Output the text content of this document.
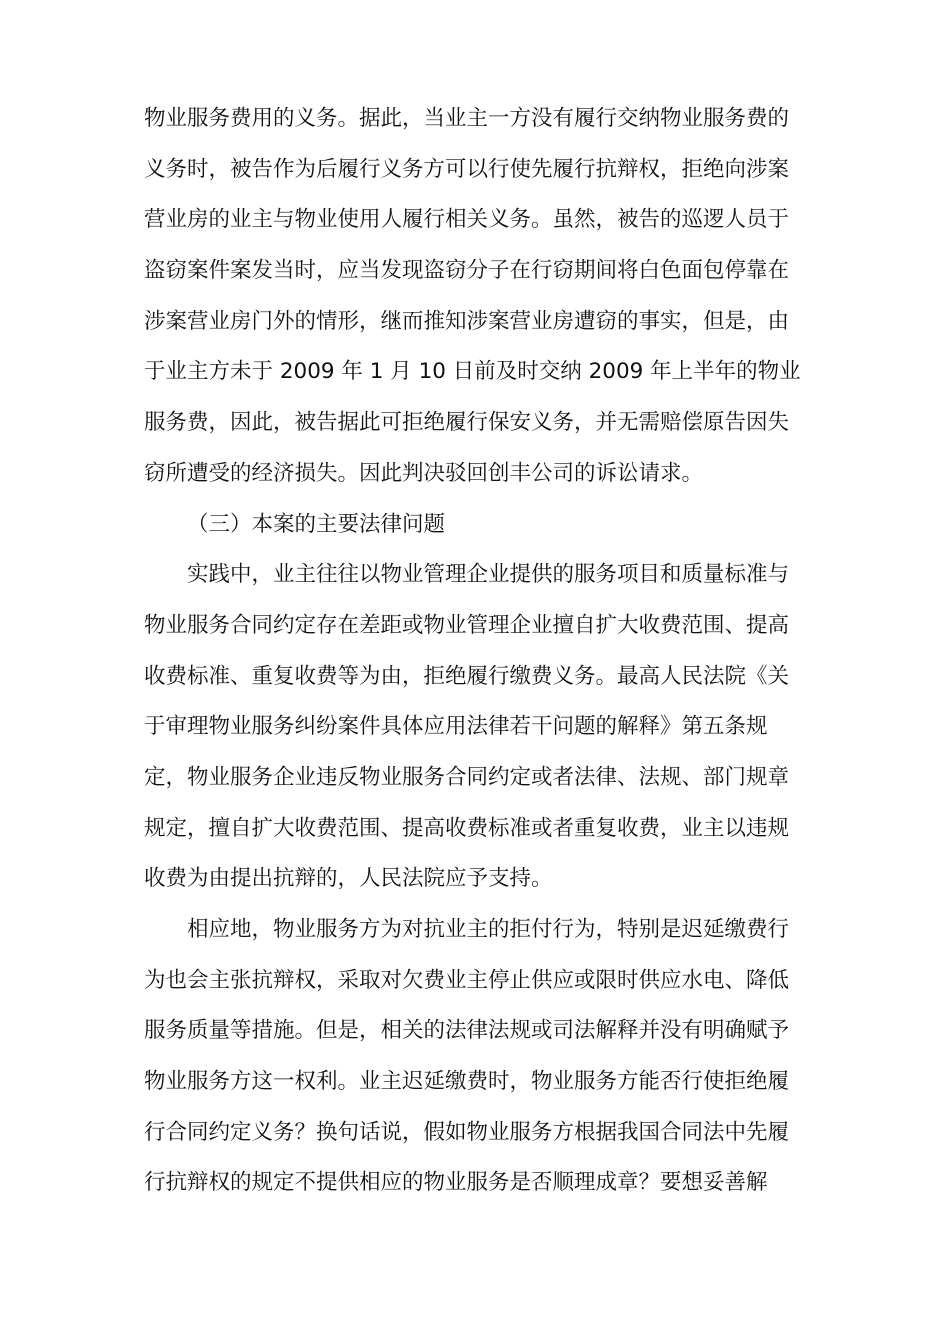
物业服务费用的义务。据此，当业主一方没有履行交纳物业服务费的
义务时，被告作为后履行义务方可以行使先履行抗辩权，拒绝向涉案
营业房的业主与物业使用人履行相关义务。虽然，被告的巡逻人员于
盗窃案件案发当时，应当发现盗窃分子在行窃期间将白色面包停靠在
涉案营业房门外的情形，继而推知涉案营业房遭窃的事实，但是，由
于业主方未于 2009 年 1 月 10 日前及时交纳 2009 年上半年的物业
服务费，因此，被告据此可拒绝履行保安义务，并无需赔偿原告因失
窃所遭受的经济损失。因此判决驳回创丰公司的诉讼请求。
（三）本案的主要法律问题
实践中，业主往往以物业管理企业提供的服务项目和质量标准与
物业服务合同约定存在差距或物业管理企业擅自扩大收费范围、提高
收费标准、重复收费等为由，拒绝履行缴费义务。最高人民法院《关
于审理物业服务纠纷案件具体应用法律若干问题的解释》第五条规
定，物业服务企业违反物业服务合同约定或者法律、法规、部门规章
规定，擅自扩大收费范围、提高收费标准或者重复收费，业主以违规
收费为由提出抗辩的，人民法院应予支持。
相应地，物业服务方为对抗业主的拒付行为，特别是迟延缴费行
为也会主张抗辩权，采取对欠费业主停止供应或限时供应水电、降低
服务质量等措施。但是，相关的法律法规或司法解释并没有明确赋予
物业服务方这一权利。业主迟延缴费时，物业服务方能否行使拒绝履
行合同约定义务？换句话说，假如物业服务方根据我国合同法中先履
行抗辩权的规定不提供相应的物业服务是否顺理成章？要想妥善解
